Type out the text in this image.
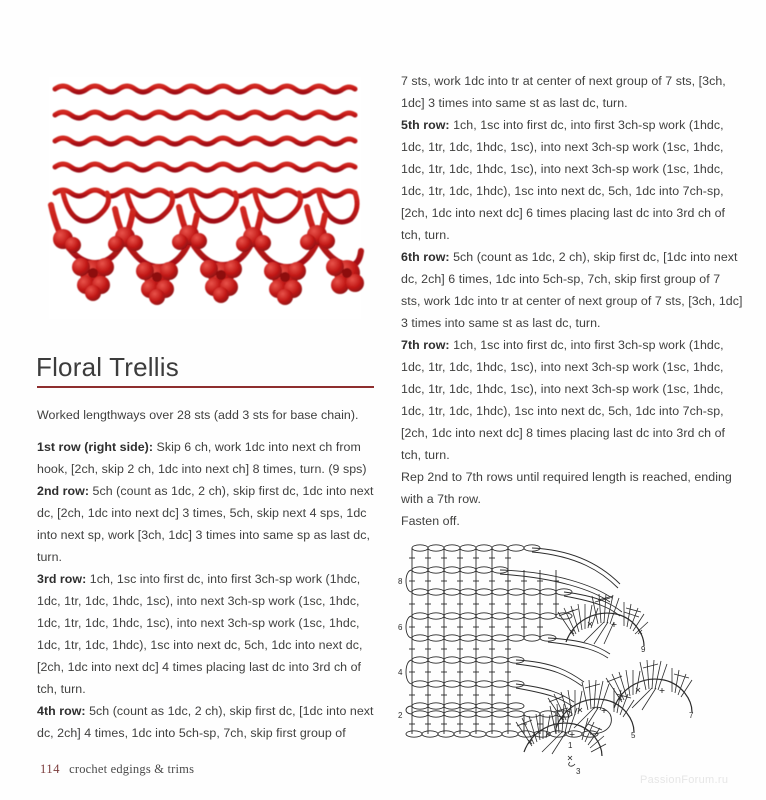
Floral Trellis

Worked lengthways over 28 sts (add 3 sts for base chain).

1st row (right side): Skip 6 ch, work 1dc into next ch from hook, [2ch, skip 2 ch, 1dc into next ch] 8 times, turn. (9 sps)

2nd row: 5ch (count as 1dc, 2 ch), skip first dc, 1dc into next dc, [2ch, 1dc into next dc] 3 times, 5ch, skip next 4 sps, 1dc into next sp, work [3ch, 1dc] 3 times into same sp as last dc, turn.

3rd row: 1ch, 1sc into first dc, into first 3ch-sp work (1hdc, 1dc, 1tr, 1dc, 1hdc, 1sc), into next 3ch-sp work (1sc, 1hdc, 1dc, 1tr, 1dc, 1hdc, 1sc), into next 3ch-sp work (1sc, 1hdc, 1dc, 1tr, 1dc, 1hdc), 1sc into next dc, 5ch, 1dc into next dc, [2ch, 1dc into next dc] 4 times placing last dc into 3rd ch of tch, turn.

4th row: 5ch (count as 1dc, 2 ch), skip first dc, [1dc into next dc, 2ch] 4 times, 1dc into 5ch-sp, 7ch, skip first group of

7 sts, work 1dc into tr at center of next group of 7 sts, [3ch, 1dc] 3 times into same st as last dc, turn.

5th row: 1ch, 1sc into first dc, into first 3ch-sp work (1hdc, 1dc, 1tr, 1dc, 1hdc, 1sc), into next 3ch-sp work (1sc, 1hdc, 1dc, 1tr, 1dc, 1hdc, 1sc), into next 3ch-sp work (1sc, 1hdc, 1dc, 1tr, 1dc, 1hdc), 1sc into next dc, 5ch, 1dc into 7ch-sp, [2ch, 1dc into next dc] 6 times placing last dc into 3rd ch of tch, turn.

6th row: 5ch (count as 1dc, 2 ch), skip first dc, [1dc into next dc, 2ch] 6 times, 1dc into 5ch-sp, 7ch, skip first group of 7 sts, work 1dc into tr at center of next group of 7 sts, [3ch, 1dc] 3 times into same st as last dc, turn.

7th row: 1ch, 1sc into first dc, into first 3ch-sp work (1hdc, 1dc, 1tr, 1dc, 1hdc, 1sc), into next 3ch-sp work (1sc, 1hdc, 1dc, 1tr, 1dc, 1hdc, 1sc), into next 3ch-sp work (1sc, 1hdc, 1dc, 1tr, 1dc, 1hdc), 1sc into next dc, 5ch, 1dc into 7ch-sp, [2ch, 1dc into next dc] 8 times placing last dc into 3rd ch of tch, turn.

Rep 2nd to 7th rows until required length is reached, ending with a 7th row.

Fasten off.

9
7
5
1
3
8
6
4
2
114 crochet edgings & trims
PassionForum.ru
